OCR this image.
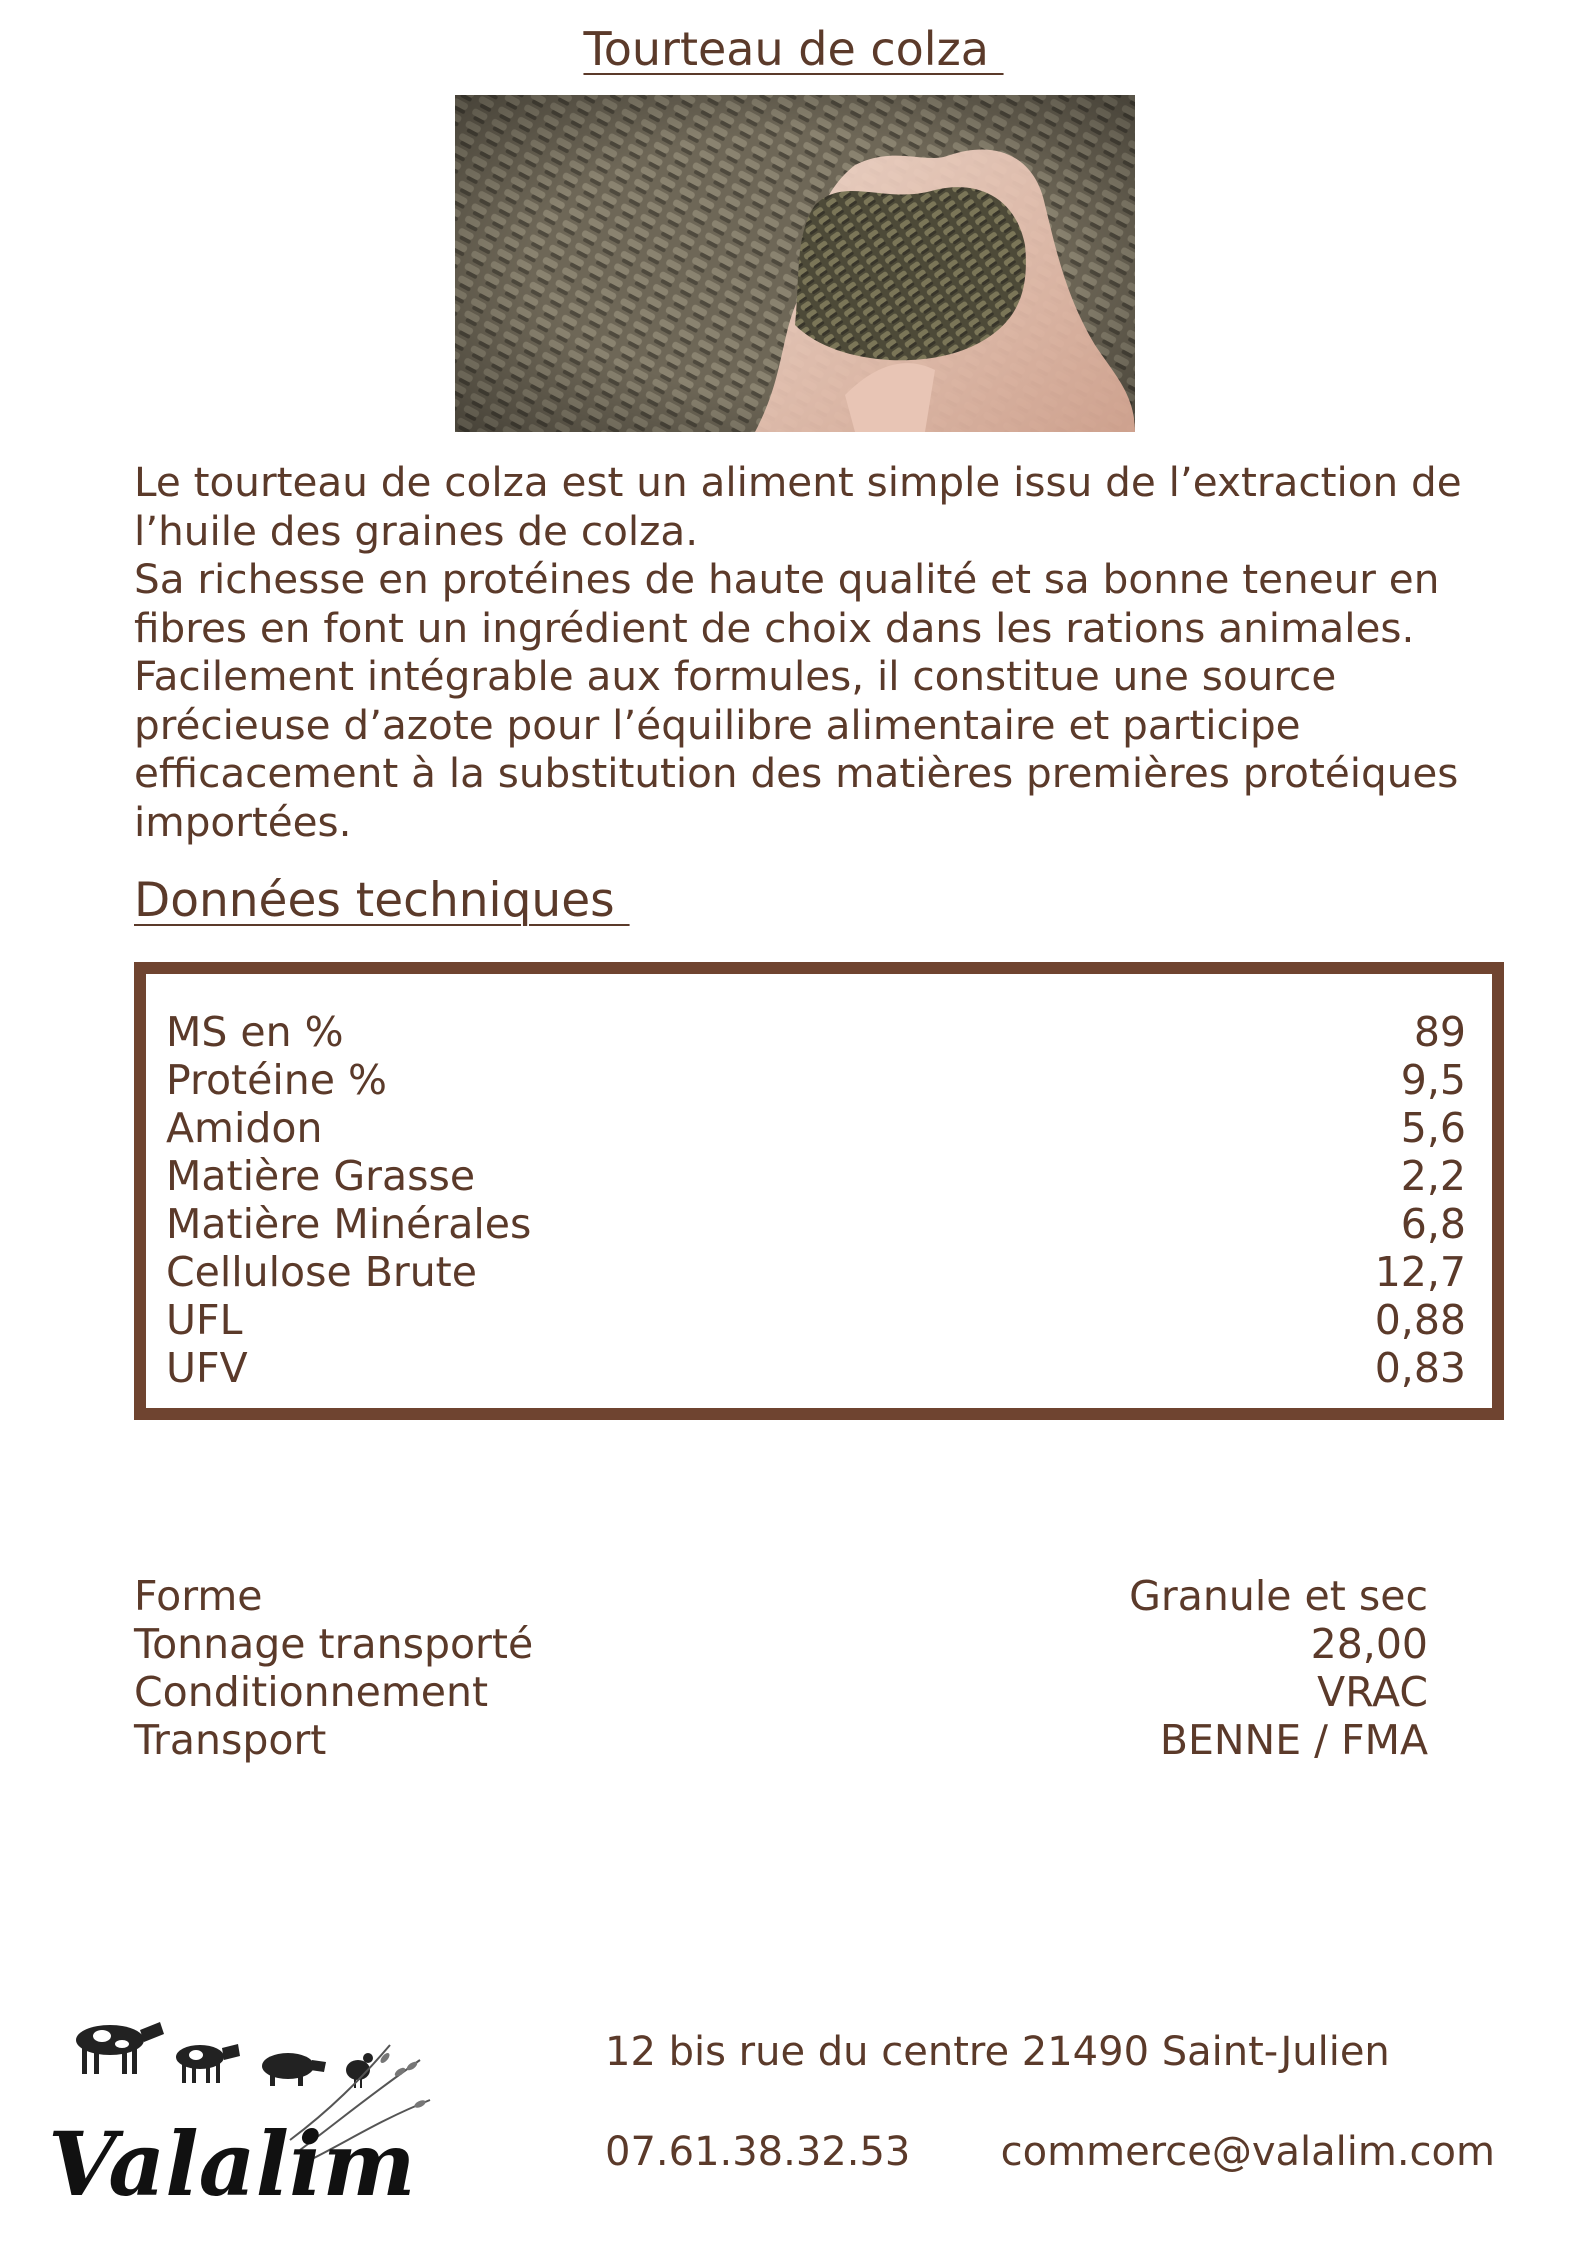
Tourteau de colza

Le tourteau de colza est un aliment simple issu de l’extraction de

l’huile des graines de colza.

Sa richesse en protéines de haute qualité et sa bonne teneur en

fibres en font un ingrédient de choix dans les rations animales.

Facilement intégrable aux formules, il constitue une source

précieuse d’azote pour l’équilibre alimentaire et participe

efficacement à la substitution des matières premières protéiques

importées.

Données techniques
MS en %	89
Protéine %	9,5
Amidon	5,6
Matière Grasse	2,2
Matière Minérales	6,8
Cellulose Brute	12,7
UFL	0,88
UFV	0,83
Forme	Granule et sec
Tonnage transporté	28,00
Conditionnement	VRAC
Transport	BENNE / FMA
Valalim
12 bis rue du centre 21490 Saint-Julien
07.61.38.32.53 commerce@valalim.com
